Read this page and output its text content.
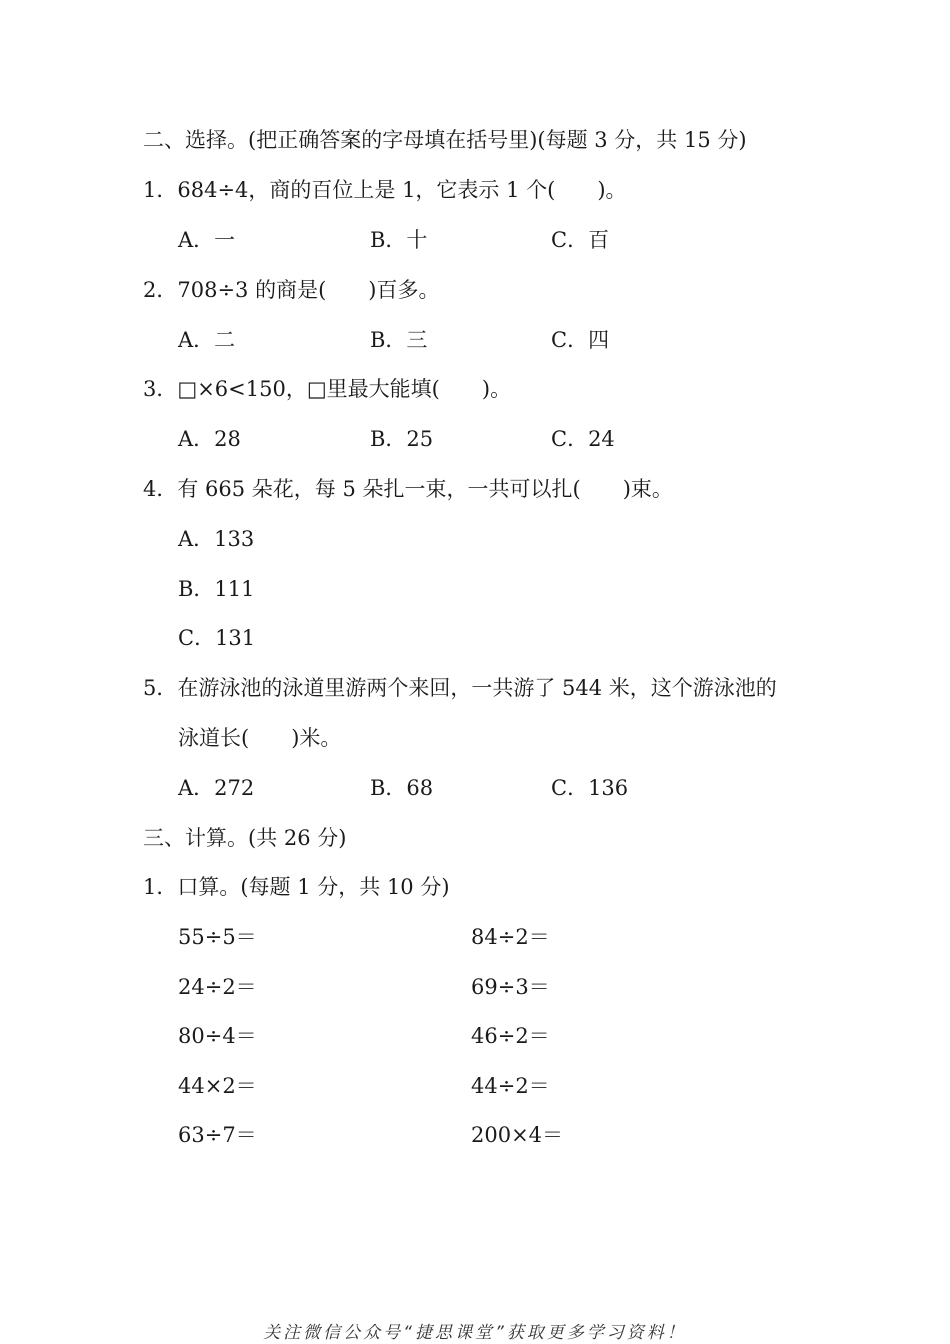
二、选择。(把正确答案的字母填在括号里)(每题 3 分，共 15 分)
1．684÷4，商的百位上是 1，它表示 1 个(　　)。
A．一	B．十	C．百
2．708÷3 的商是(　　)百多。
A．二	B．三	C．四
3．□×6<150，□里最大能填(　　)。
A．28	B．25	C．24
4．有 665 朵花，每 5 朵扎一束，一共可以扎(　　)束。
A．133
B．111
C．131
5．在游泳池的泳道里游两个来回，一共游了 544 米，这个游泳池的
泳道长(　　)米。
A．272	B．68	C．136
三、计算。(共 26 分)
1．口算。(每题 1 分，共 10 分)
55÷5＝	84÷2＝
24÷2＝	69÷3＝
80÷4＝	46÷2＝
44×2＝	44÷2＝
63÷7＝	200×4＝
关注微信公众号“捷思课堂”获取更多学习资料！
